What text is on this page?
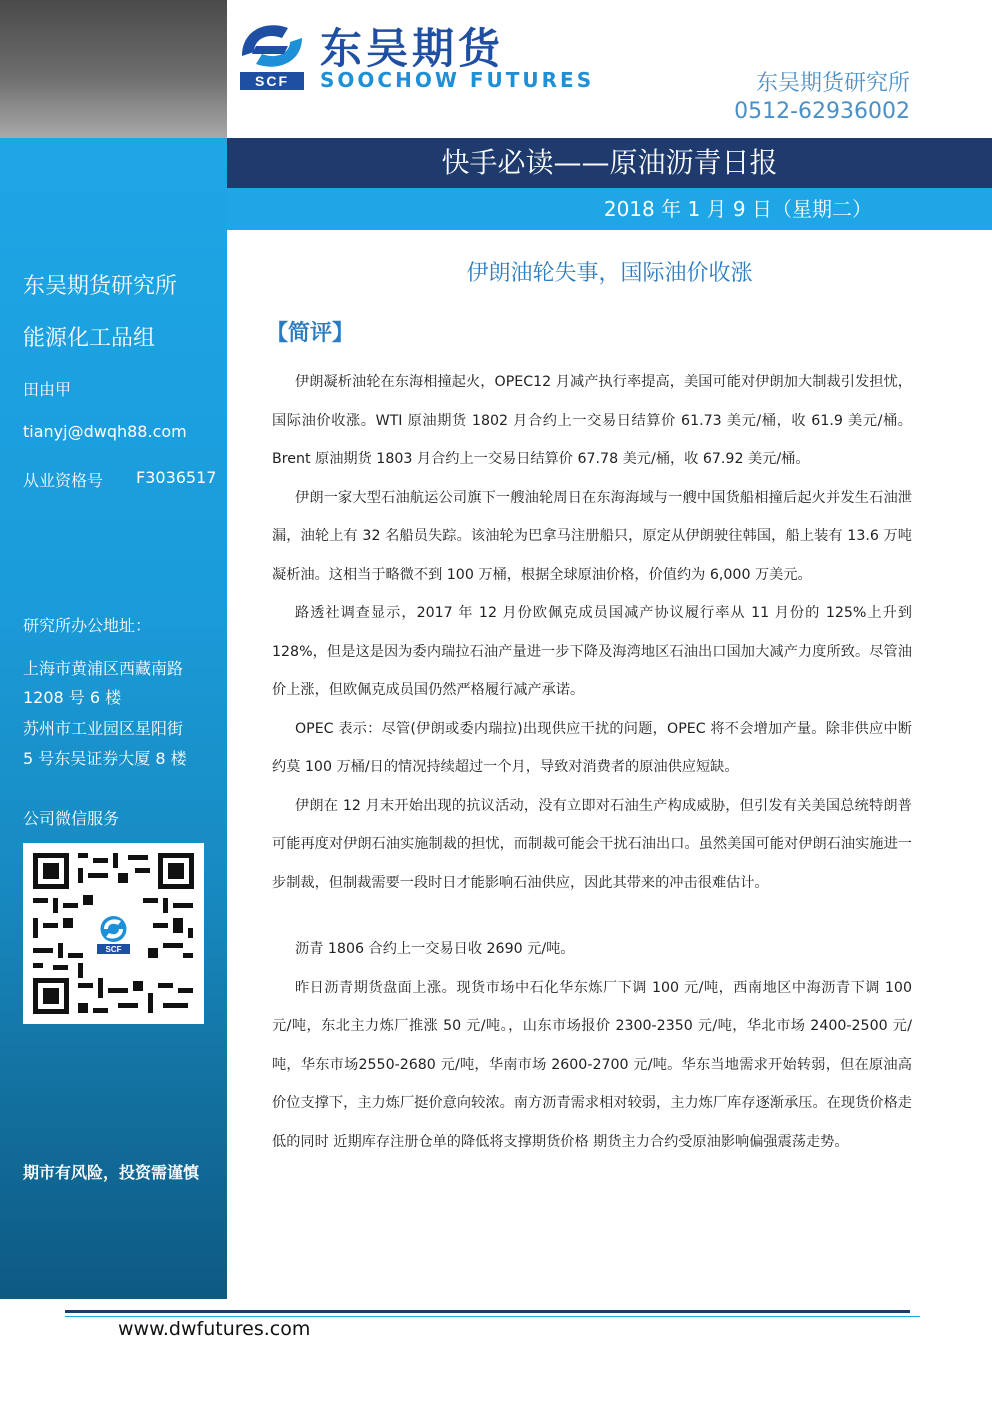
SCF
东吴期货
SOOCHOW FUTURES	东吴期货研究所
0512-62936002
快手必读——原油沥青日报
2018 年 1 月 9 日（星期二）
东吴期货研究所
能源化工品组
田由甲
tianyj@dwqh88.com
从业资格号 F3036517
研究所办公地址：
上海市黄浦区西藏南路
1208 号 6 楼
苏州市工业园区星阳街
5 号东吴证券大厦 8 楼
公司微信服务
SCF
期市有风险，投资需谨慎
伊朗油轮失事，国际油价收涨
【简评】

伊朗凝析油轮在东海相撞起火，OPEC12 月减产执行率提高，美国可能对伊朗加大制裁引发担忧，国际油价收涨。WTI 原油期货 1802 月合约上一交易日结算价 61.73 美元/桶，收 61.9 美元/桶。Brent 原油期货 1803 月合约上一交易日结算价 67.78 美元/桶，收 67.92 美元/桶。

伊朗一家大型石油航运公司旗下一艘油轮周日在东海海域与一艘中国货船相撞后起火并发生石油泄漏，油轮上有 32 名船员失踪。该油轮为巴拿马注册船只，原定从伊朗驶往韩国，船上装有 13.6 万吨凝析油。这相当于略微不到 100 万桶，根据全球原油价格，价值约为 6,000 万美元。

路透社调查显示，2017 年 12 月份欧佩克成员国减产协议履行率从 11 月份的 125%上升到 128%，但是这是因为委内瑞拉石油产量进一步下降及海湾地区石油出口国加大减产力度所致。尽管油价上涨，但欧佩克成员国仍然严格履行减产承诺。

OPEC 表示：尽管(伊朗或委内瑞拉)出现供应干扰的问题，OPEC 将不会增加产量。除非供应中断约莫 100 万桶/日的情况持续超过一个月，导致对消费者的原油供应短缺。

伊朗在 12 月末开始出现的抗议活动，没有立即对石油生产构成威胁，但引发有关美国总统特朗普可能再度对伊朗石油实施制裁的担忧，而制裁可能会干扰石油出口。虽然美国可能对伊朗石油实施进一步制裁，但制裁需要一段时日才能影响石油供应，因此其带来的冲击很难估计。

沥青 1806 合约上一交易日收 2690 元/吨。

昨日沥青期货盘面上涨。现货市场中石化华东炼厂下调 100 元/吨，西南地区中海沥青下调 100 元/吨，东北主力炼厂推涨 50 元/吨。，山东市场报价 2300-2350 元/吨，华北市场 2400-2500 元/吨，华东市场2550-2680 元/吨，华南市场 2600-2700 元/吨。华东当地需求开始转弱，但在原油高价位支撑下，主力炼厂挺价意向较浓。南方沥青需求相对较弱，主力炼厂库存逐渐承压。在现货价格走低的同时 近期库存注册仓单的降低将支撑期货价格 期货主力合约受原油影响偏强震荡走势。

www.dwfutures.com
